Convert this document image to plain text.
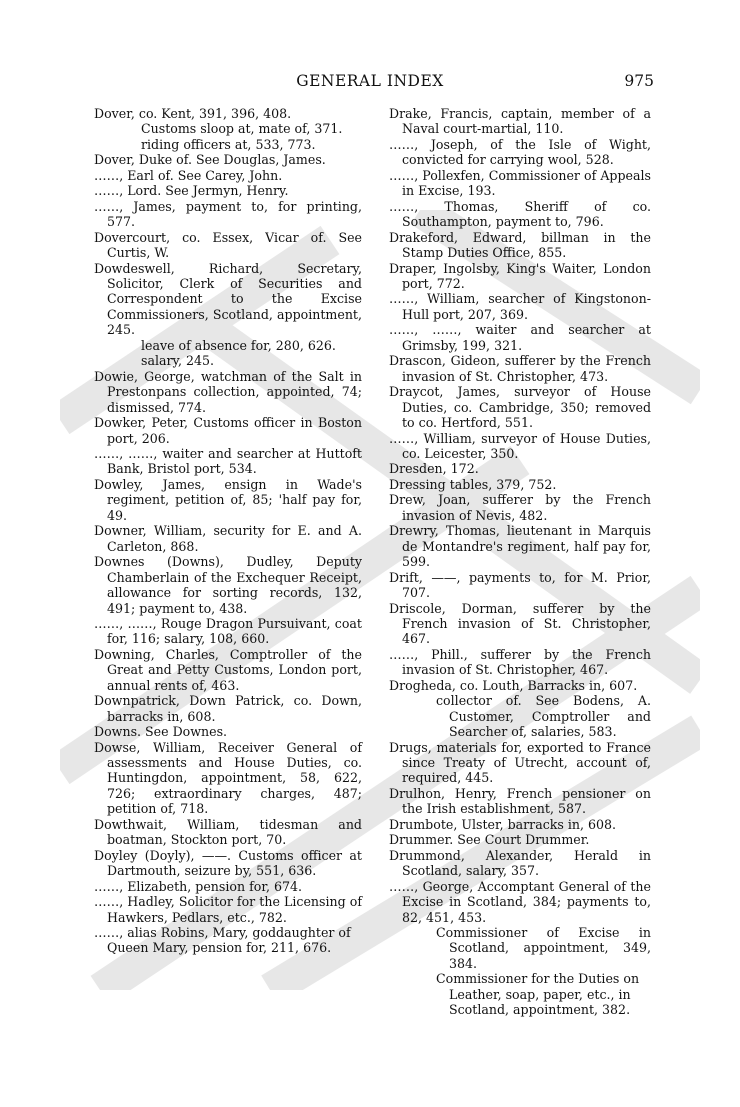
GENERAL INDEX	975
Dover, co. Kent, 391, 396, 408.
Customs sloop at, mate of, 371.
riding officers at, 533, 773.
Dover, Duke of. See Douglas, James.
……, Earl of. See Carey, John.
……, Lord. See Jermyn, Henry.
……, James, payment to, for printing, 577.
Dovercourt, co. Essex, Vicar of. See Curtis, W.
Dowdeswell, Richard, Secretary, Solicitor, Clerk of Securities and Correspondent to the Excise Commissioners, Scotland, appointment, 245.
leave of absence for, 280, 626.
salary, 245.
Dowie, George, watchman of the Salt in Prestonpans collection, appointed, 74; dismissed, 774.
Dowker, Peter, Customs officer in Boston port, 206.
……, ……, waiter and searcher at Huttoft Bank, Bristol port, 534.
Dowley, James, ensign in Wade's regiment, petition of, 85; 'half pay for, 49.
Downer, William, security for E. and A. Carleton, 868.
Downes (Downs), Dudley, Deputy Chamberlain of the Exchequer Receipt, allowance for sorting records, 132, 491; payment to, 438.
……, ……, Rouge Dragon Pursuivant, coat for, 116; salary, 108, 660.
Downing, Charles, Comptroller of the Great and Petty Customs, London port, annual rents of, 463.
Downpatrick, Down Patrick, co. Down, barracks in, 608.
Downs. See Downes.
Dowse, William, Receiver General of assessments and House Duties, co. Huntingdon, appointment, 58, 622, 726; extraordinary charges, 487; petition of, 718.
Dowthwait, William, tidesman and boatman, Stockton port, 70.
Doyley (Doyly), ——. Customs officer at Dartmouth, seizure by, 551, 636.
……, Elizabeth, pension for, 674.
……, Hadley, Solicitor for the Licensing of Hawkers, Pedlars, etc., 782.
……, alias Robins, Mary, goddaughter of Queen Mary, pension for, 211, 676.
Drake, Francis, captain, member of a Naval court-martial, 110.
……, Joseph, of the Isle of Wight, convicted for carrying wool, 528.
……, Pollexfen, Commissioner of Appeals in Excise, 193.
……, Thomas, Sheriff of co. Southampton, payment to, 796.
Drakeford, Edward, billman in the Stamp Duties Office, 855.
Draper, Ingolsby, King's Waiter, London port, 772.
……, William, searcher of Kingstonon-Hull port, 207, 369.
……, ……, waiter and searcher at Grimsby, 199, 321.
Drascon, Gideon, sufferer by the French invasion of St. Christopher, 473.
Draycot, James, surveyor of House Duties, co. Cambridge, 350; removed to co. Hertford, 551.
……, William, surveyor of House Duties, co. Leicester, 350.
Dresden, 172.
Dressing tables, 379, 752.
Drew, Joan, sufferer by the French invasion of Nevis, 482.
Drewry, Thomas, lieutenant in Marquis de Montandre's regiment, half pay for, 599.
Drift, ——, payments to, for M. Prior, 707.
Driscole, Dorman, sufferer by the French invasion of St. Christopher, 467.
……, Phill., sufferer by the French invasion of St. Christopher, 467.
Drogheda, co. Louth, Barracks in, 607.
collector of. See Bodens, A. Customer, Comptroller and Searcher of, salaries, 583.
Drugs, materials for, exported to France since Treaty of Utrecht, account of, required, 445.
Drulhon, Henry, French pensioner on the Irish establishment, 587.
Drumbote, Ulster, barracks in, 608.
Drummer. See Court Drummer.
Drummond, Alexander, Herald in Scotland, salary, 357.
……, George, Accomptant General of the Excise in Scotland, 384; payments to, 82, 451, 453.
Commissioner of Excise in Scotland, appointment, 349, 384.
Commissioner for the Duties on Leather, soap, paper, etc., in Scotland, appointment, 382.
